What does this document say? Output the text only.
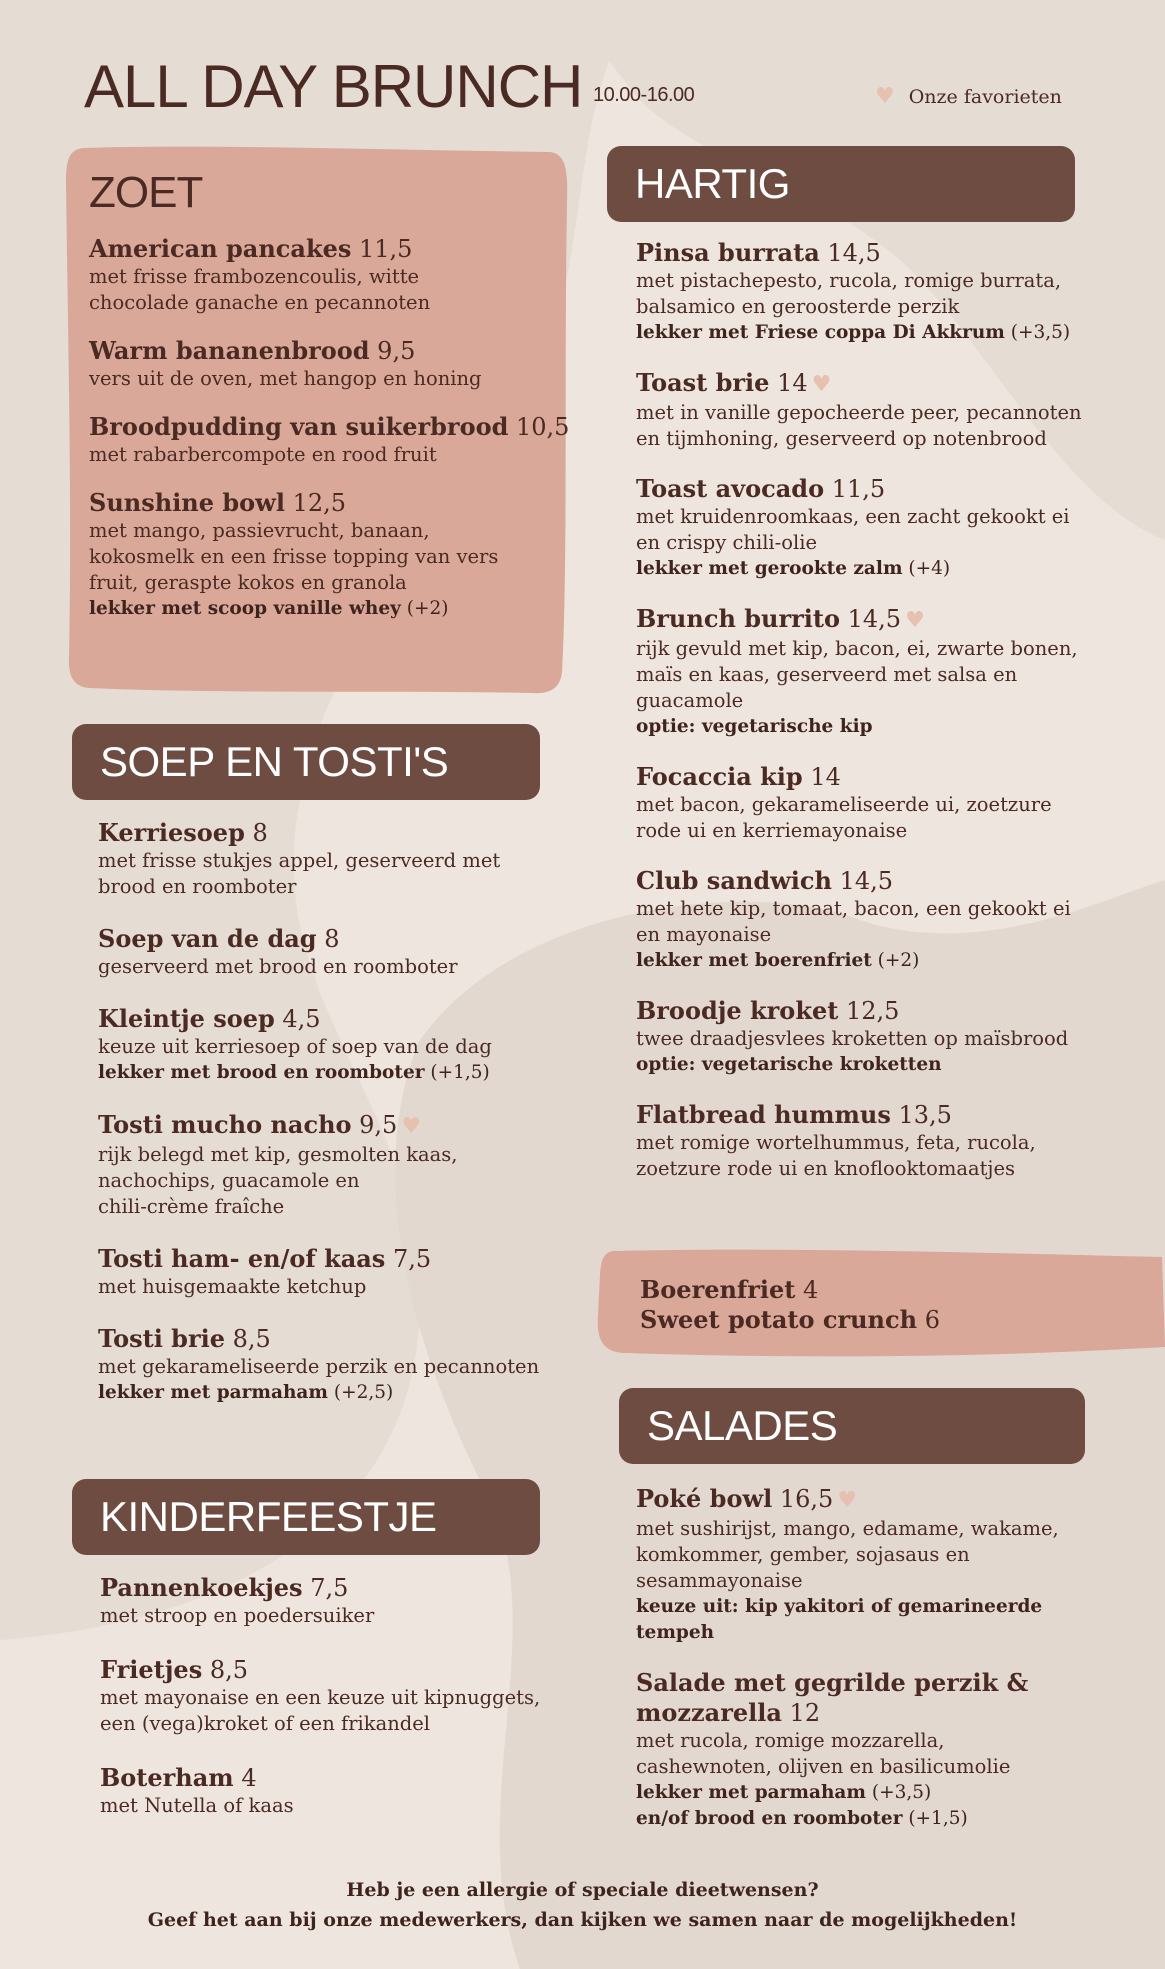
ALL DAY BRUNCH 10.00-16.00	♥ Onze favorieten
ZOET
American pancakes 11,5
met frisse frambozencoulis, witte
chocolade ganache en pecannoten
Warm bananenbrood 9,5
vers uit de oven, met hangop en honing
Broodpudding van suikerbrood 10,5
met rabarbercompote en rood fruit
Sunshine bowl 12,5
met mango, passievrucht, banaan,
kokosmelk en een frisse topping van vers
fruit, geraspte kokos en granola
lekker met scoop vanille whey (+2)
SOEP EN TOSTI'S
Kerriesoep 8
met frisse stukjes appel, geserveerd met
brood en roomboter
Soep van de dag 8
geserveerd met brood en roomboter
Kleintje soep 4,5
keuze uit kerriesoep of soep van de dag
lekker met brood en roomboter (+1,5)
Tosti mucho nacho 9,5 ♥
rijk belegd met kip, gesmolten kaas,
nachochips, guacamole en
chili-crème fraîche
Tosti ham- en/of kaas 7,5
met huisgemaakte ketchup
Tosti brie 8,5
met gekarameliseerde perzik en pecannoten
lekker met parmaham (+2,5)
KINDERFEESTJE
Pannenkoekjes 7,5
met stroop en poedersuiker
Frietjes 8,5
met mayonaise en een keuze uit kipnuggets,
een (vega)kroket of een frikandel
Boterham 4
met Nutella of kaas
HARTIG
Pinsa burrata 14,5
met pistachepesto, rucola, romige burrata,
balsamico en geroosterde perzik
lekker met Friese coppa Di Akkrum (+3,5)
Toast brie 14 ♥
met in vanille gepocheerde peer, pecannoten
en tijmhoning, geserveerd op notenbrood
Toast avocado 11,5
met kruidenroomkaas, een zacht gekookt ei
en crispy chili-olie
lekker met gerookte zalm (+4)
Brunch burrito 14,5 ♥
rijk gevuld met kip, bacon, ei, zwarte bonen,
maïs en kaas, geserveerd met salsa en
guacamole
optie: vegetarische kip
Focaccia kip 14
met bacon, gekarameliseerde ui, zoetzure
rode ui en kerriemayonaise
Club sandwich 14,5
met hete kip, tomaat, bacon, een gekookt ei
en mayonaise
lekker met boerenfriet (+2)
Broodje kroket 12,5
twee draadjesvlees kroketten op maïsbrood
optie: vegetarische kroketten
Flatbread hummus 13,5
met romige wortelhummus, feta, rucola,
zoetzure rode ui en knoflooktomaatjes
Boerenfriet 4
Sweet potato crunch 6
SALADES
Poké bowl 16,5 ♥
met sushirijst, mango, edamame, wakame,
komkommer, gember, sojasaus en
sesammayonaise
keuze uit: kip yakitori of gemarineerde
tempeh
Salade met gegrilde perzik &
mozzarella 12
met rucola, romige mozzarella,
cashewnoten, olijven en basilicumolie
lekker met parmaham (+3,5)
en/of brood en roomboter (+1,5)
Heb je een allergie of speciale dieetwensen?
Geef het aan bij onze medewerkers, dan kijken we samen naar de mogelijkheden!
